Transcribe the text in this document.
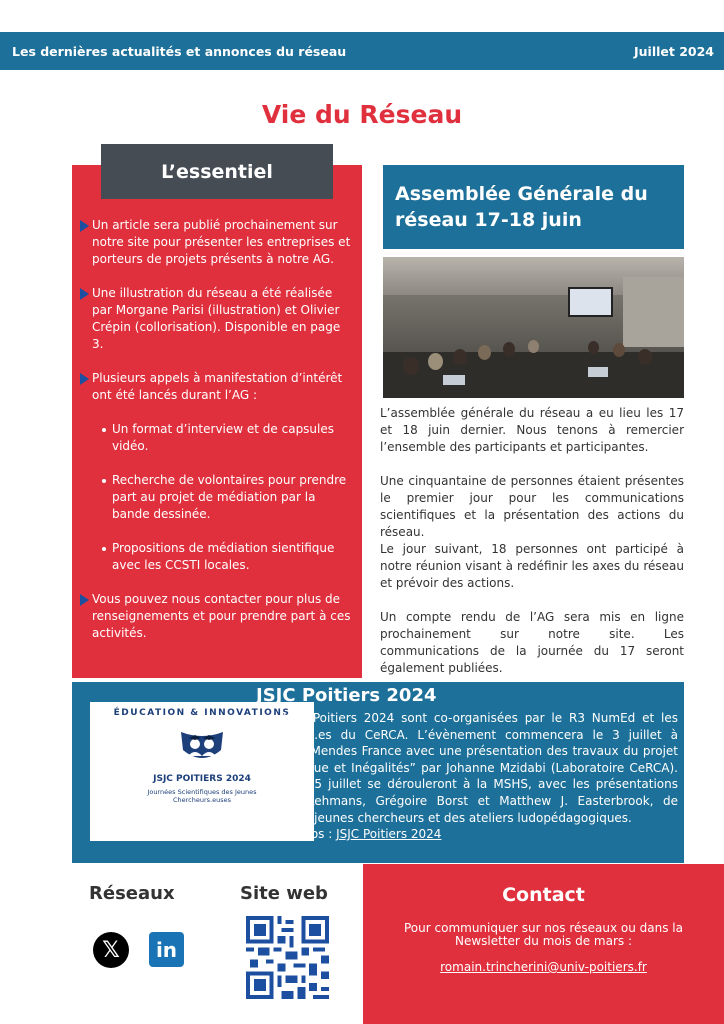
Les dernières actualités et annonces du réseau	Juillet 2024
Vie du Réseau
Un article sera publié prochainement sur notre site pour présenter les entreprises et porteurs de projets présents à notre AG.
Une illustration du réseau a été réalisée par Morgane Parisi (illustration) et Olivier Crépin (collorisation). Disponible en page 3.
Plusieurs appels à manifestation d’intérêt ont été lancés durant l’AG :
Un format d’interview et de capsules vidéo.
Recherche de volontaires pour prendre part au projet de médiation par la bande dessinée.
Propositions de médiation sientifique avec les CCSTI locales.
Vous pouvez nous contacter pour plus de renseignements et pour prendre part à ces activités.
L’essentiel
Assemblée Générale du réseau 17-18 juin

L’assemblée générale du réseau a eu lieu les 17 et 18 juin dernier. Nous tenons à remercier l’ensemble des participants et participantes.

Une cinquantaine de personnes étaient présentes le premier jour pour les communications scientifiques et la présentation des actions du réseau.

Le jour suivant, 18 personnes ont participé à notre réunion visant à redéfinir les axes du réseau et prévoir des actions.

Un compte rendu de l’AG sera mis en ligne prochainement sur notre site. Les communications de la journée du 17 seront également publiées.

ÉDUCATION & INNOVATIONS
JSJC POITIERS 2024
Journées Scientifiques des Jeunes Chercheurs.euses
JSJC Poitiers 2024
Les JSJC Poitiers 2024 sont co-organisées par le R3 NumEd et les doctorant.es du CeRCA. L’évènement commencera le 3 juillet à l’Espace Mendes France avec une présentation des travaux du projet “Numérique et Inégalités” par Johanne Mzidabi (Laboratoire CeRCA). Les 4 et 5 juillet se dérouleront à la MSHS, avec les présentations d’Anne Lehmans, Grégoire Borst et Matthew J. Easterbrook, de plusieurs jeunes chercheurs et des ateliers ludopédagogiques.
Plus d’infos : JSJC Poitiers 2024
Réseaux	Site web
𝕏	in
Contact
Pour communiquer sur nos réseaux ou dans la Newsletter du mois de mars :
romain.trincherini@univ-poitiers.fr
